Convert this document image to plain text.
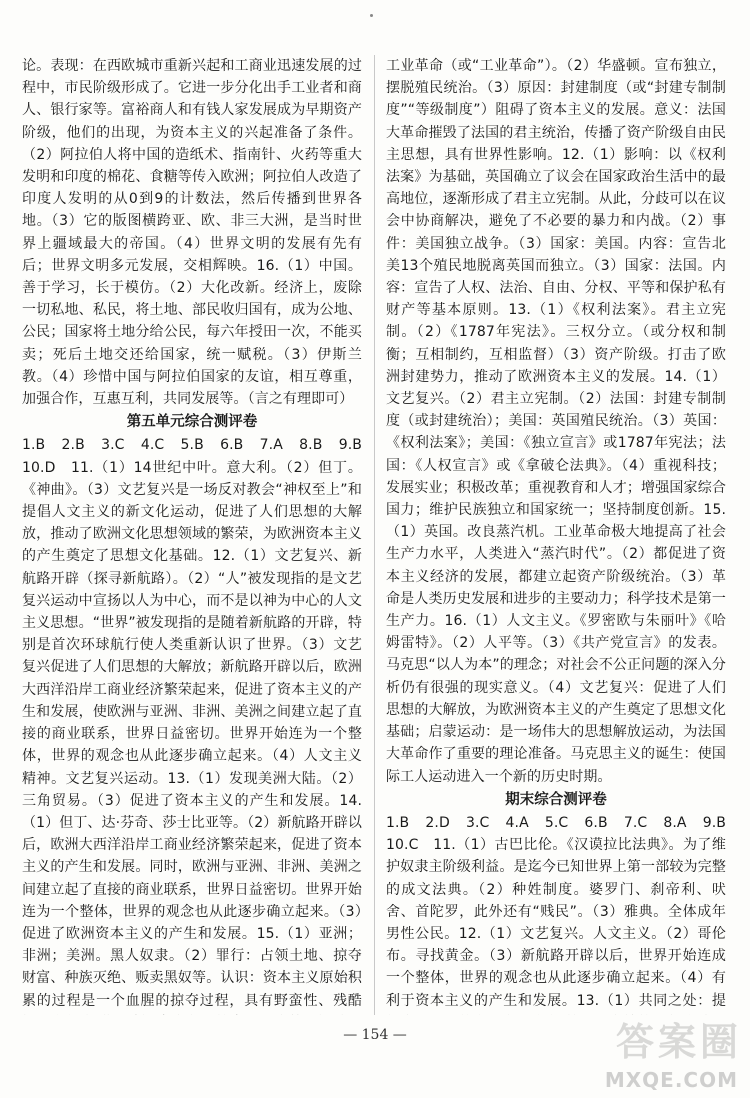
论。表现：在西欧城市重新兴起和工商业迅速发展的过程中，市民阶级形成了。它进一步分化出手工业者和商人、银行家等。富裕商人和有钱人家发展成为早期资产阶级，他们的出现，为资本主义的兴起准备了条件。（2）阿拉伯人将中国的造纸术、指南针、火药等重大发明和印度的棉花、食糖等传入欧洲；阿拉伯人改造了印度人发明的从0到9的计数法，然后传播到世界各地。（3）它的版图横跨亚、欧、非三大洲，是当时世界上疆域最大的帝国。（4）世界文明的发展有先有后；世界文明多元发展，交相辉映。16.（1）中国。善于学习，长于模仿。（2）大化改新。经济上，废除一切私地、私民，将土地、部民收归国有，成为公地、公民；国家将土地分给公民，每六年授田一次，不能买卖；死后土地交还给国家，统一赋税。（3）伊斯兰教。（4）珍惜中国与阿拉伯国家的友谊，相互尊重，加强合作，互惠互利，共同发展等。（言之有理即可）

第五单元综合测评卷

1.B　2.B　3.C　4.C　5.B　6.B　7.A　8.B　9.B　10.D　11.（1）14世纪中叶。意大利。（2）但丁。《神曲》。（3）文艺复兴是一场反对教会“神权至上”和提倡人文主义的新文化运动，促进了人们思想的大解放，推动了欧洲文化思想领域的繁荣，为欧洲资本主义的产生奠定了思想文化基础。12.（1）文艺复兴、新航路开辟（探寻新航路）。（2）“人”被发现指的是文艺复兴运动中宣扬以人为中心，而不是以神为中心的人文主义思想。“世界”被发现指的是随着新航路的开辟，特别是首次环球航行使人类重新认识了世界。（3）文艺复兴促进了人们思想的大解放；新航路开辟以后，欧洲大西洋沿岸工商业经济繁荣起来，促进了资本主义的产生和发展，使欧洲与亚洲、非洲、美洲之间建立起了直接的商业联系，世界日益密切。世界开始连为一个整体，世界的观念也从此逐步确立起来。（4）人文主义精神。文艺复兴运动。13.（1）发现美洲大陆。（2）三角贸易。（3）促进了资本主义的产生和发展。14.（1）但丁、达·芬奇、莎士比亚等。（2）新航路开辟以后，欧洲大西洋沿岸工商业经济繁荣起来，促进了资本主义的产生和发展。同时，欧洲与亚洲、非洲、美洲之间建立起了直接的商业联系，世界日益密切。世界开始连为一个整体，世界的观念也从此逐步确立起来。（3）促进了欧洲资本主义的产生和发展。15.（1）亚洲；非洲；美洲。黑人奴隶。（2）罪行：占领土地、掠夺财富、种族灭绝、贩卖黑奴等。认识：资本主义原始积累的过程是一个血腥的掠夺过程，具有野蛮性、残酷

工业革命（或“工业革命”）。（2）华盛顿。宣布独立，摆脱殖民统治。（3）原因：封建制度（或“封建专制制度”“等级制度”）阻碍了资本主义的发展。意义：法国大革命摧毁了法国的君主统治，传播了资产阶级自由民主思想，具有世界性影响。12.（1）影响：以《权利法案》为基础，英国确立了议会在国家政治生活中的最高地位，逐渐形成了君主立宪制。从此，分歧可以在议会中协商解决，避免了不必要的暴力和内战。（2）事件：美国独立战争。（3）国家：美国。内容：宣告北美13个殖民地脱离英国而独立。（3）国家：法国。内容：宣告了人权、法治、自由、分权、平等和保护私有财产等基本原则。13.（1）《权利法案》。君主立宪制。（2）《1787年宪法》。三权分立。（或分权和制衡；互相制约，互相监督）（3）资产阶级。打击了欧洲封建势力，推动了欧洲资本主义的发展。14.（1）文艺复兴。（2）君主立宪制。（2）法国：封建专制制度（或封建统治）；美国：英国殖民统治。（3）英国：《权利法案》；美国：《独立宣言》或1787年宪法；法国：《人权宣言》或《拿破仑法典》。（4）重视科技；发展实业；积极改革；重视教育和人才；增强国家综合国力；维护民族独立和国家统一；坚持制度创新。15.（1）英国。改良蒸汽机。工业革命极大地提高了社会生产力水平，人类进入“蒸汽时代”。（2）都促进了资本主义经济的发展，都建立起资产阶级统治。（3）革命是人类历史发展和进步的主要动力；科学技术是第一生产力。16.（1）人文主义。《罗密欧与朱丽叶》《哈姆雷特》。（2）人平等。（3）《共产党宣言》的发表。马克思“以人为本”的理念；对社会不公正问题的深入分析仍有很强的现实意义。（4）文艺复兴：促进了人们思想的大解放，为欧洲资本主义的产生奠定了思想文化基础；启蒙运动：是一场伟大的思想解放运动，为法国大革命作了重要的理论准备。马克思主义的诞生：使国际工人运动进入一个新的历史时期。

期末综合测评卷

1.B　2.D　3.C　4.A　5.C　6.B　7.C　8.A　9.B　10.C　11.（1）古巴比伦。《汉谟拉比法典》。为了维护奴隶主阶级利益。是迄今已知世界上第一部较为完整的成文法典。（2）种姓制度。婆罗门、刹帝利、吠舍、首陀罗，此外还有“贱民”。（3）雅典。全体成年男性公民。12.（1）文艺复兴。人文主义。（2）哥伦布。寻找黄金。（3）新航路开辟以后，世界开始连成一个整体，世界的观念也从此逐步确立起来。（4）有利于资本主义的产生和发展。13.（1）共同之处：提

— 154 —	答案圈
MXQE.COM
